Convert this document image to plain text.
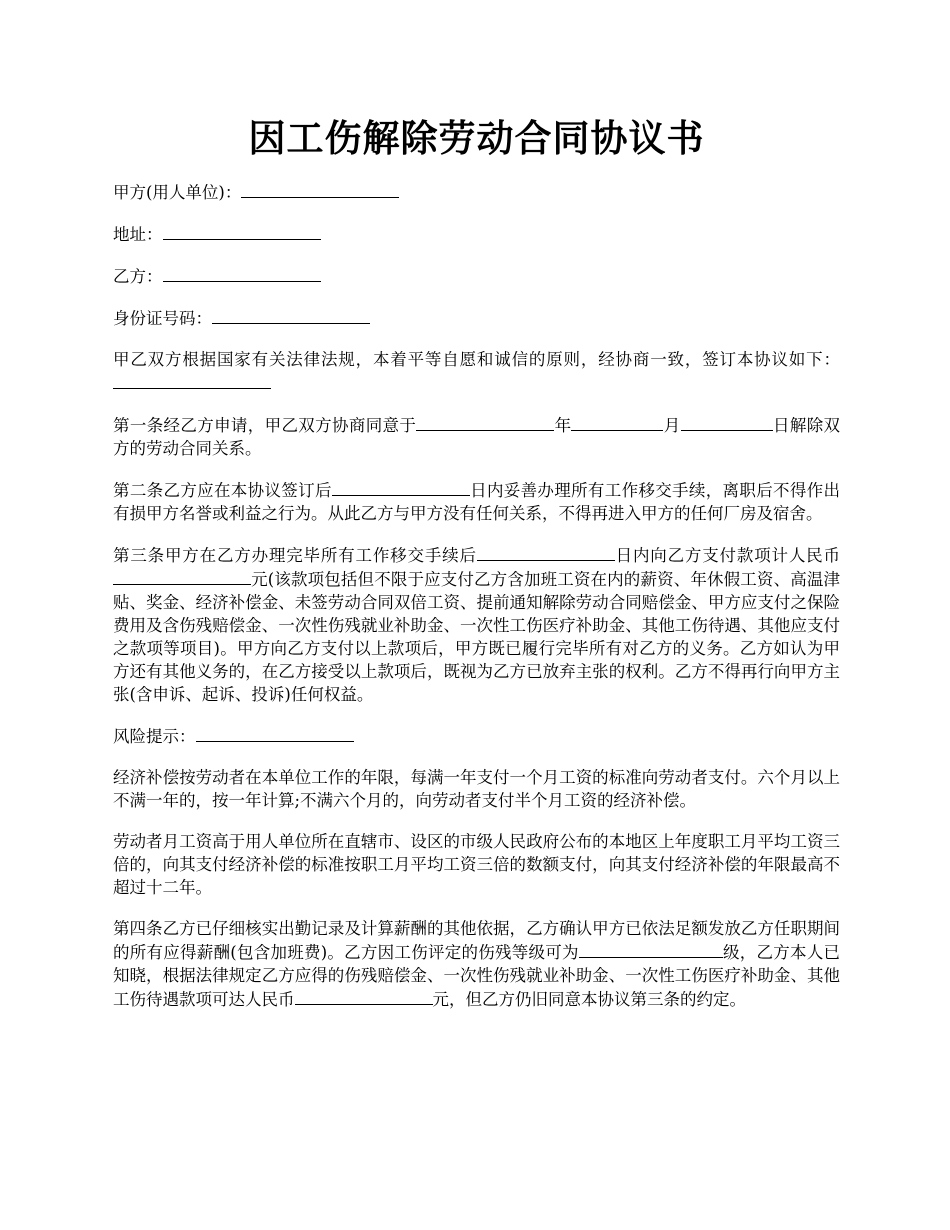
因工伤解除劳动合同协议书

甲方(用人单位)：

地址：

乙方：

身份证号码：

甲乙双方根据国家有关法律法规，本着平等自愿和诚信的原则，经协商一致，签订本协议如下：

第一条经乙方申请，甲乙双方协商同意于	年	月	日解除双方的劳动合同关系。

第二条乙方应在本协议签订后	日内妥善办理所有工作移交手续，离职后不得作出有损甲方名誉或利益之行为。从此乙方与甲方没有任何关系，不得再进入甲方的任何厂房及宿舍。

第三条甲方在乙方办理完毕所有工作移交手续后	日内向乙方支付款项计人民币元(该款项包括但不限于应支付乙方含加班工资在内的薪资、年休假工资、高温津贴、奖金、经济补偿金、未签劳动合同双倍工资、提前通知解除劳动合同赔偿金、甲方应支付之保险费用及含伤残赔偿金、一次性伤残就业补助金、一次性工伤医疗补助金、其他工伤待遇、其他应支付之款项等项目)。甲方向乙方支付以上款项后，甲方既已履行完毕所有对乙方的义务。乙方如认为甲方还有其他义务的，在乙方接受以上款项后，既视为乙方已放弃主张的权利。乙方不得再行向甲方主张(含申诉、起诉、投诉)任何权益。

风险提示：

经济补偿按劳动者在本单位工作的年限，每满一年支付一个月工资的标准向劳动者支付。六个月以上不满一年的，按一年计算;不满六个月的，向劳动者支付半个月工资的经济补偿。

劳动者月工资高于用人单位所在直辖市、设区的市级人民政府公布的本地区上年度职工月平均工资三倍的，向其支付经济补偿的标准按职工月平均工资三倍的数额支付，向其支付经济补偿的年限最高不超过十二年。

第四条乙方已仔细核实出勤记录及计算薪酬的其他依据，乙方确认甲方已依法足额发放乙方任职期间的所有应得薪酬(包含加班费)。乙方因工伤评定的伤残等级可为	级，乙方本人已知晓，根据法律规定乙方应得的伤残赔偿金、一次性伤残就业补助金、一次性工伤医疗补助金、其他工伤待遇款项可达人民币	元，但乙方仍旧同意本协议第三条的约定。
